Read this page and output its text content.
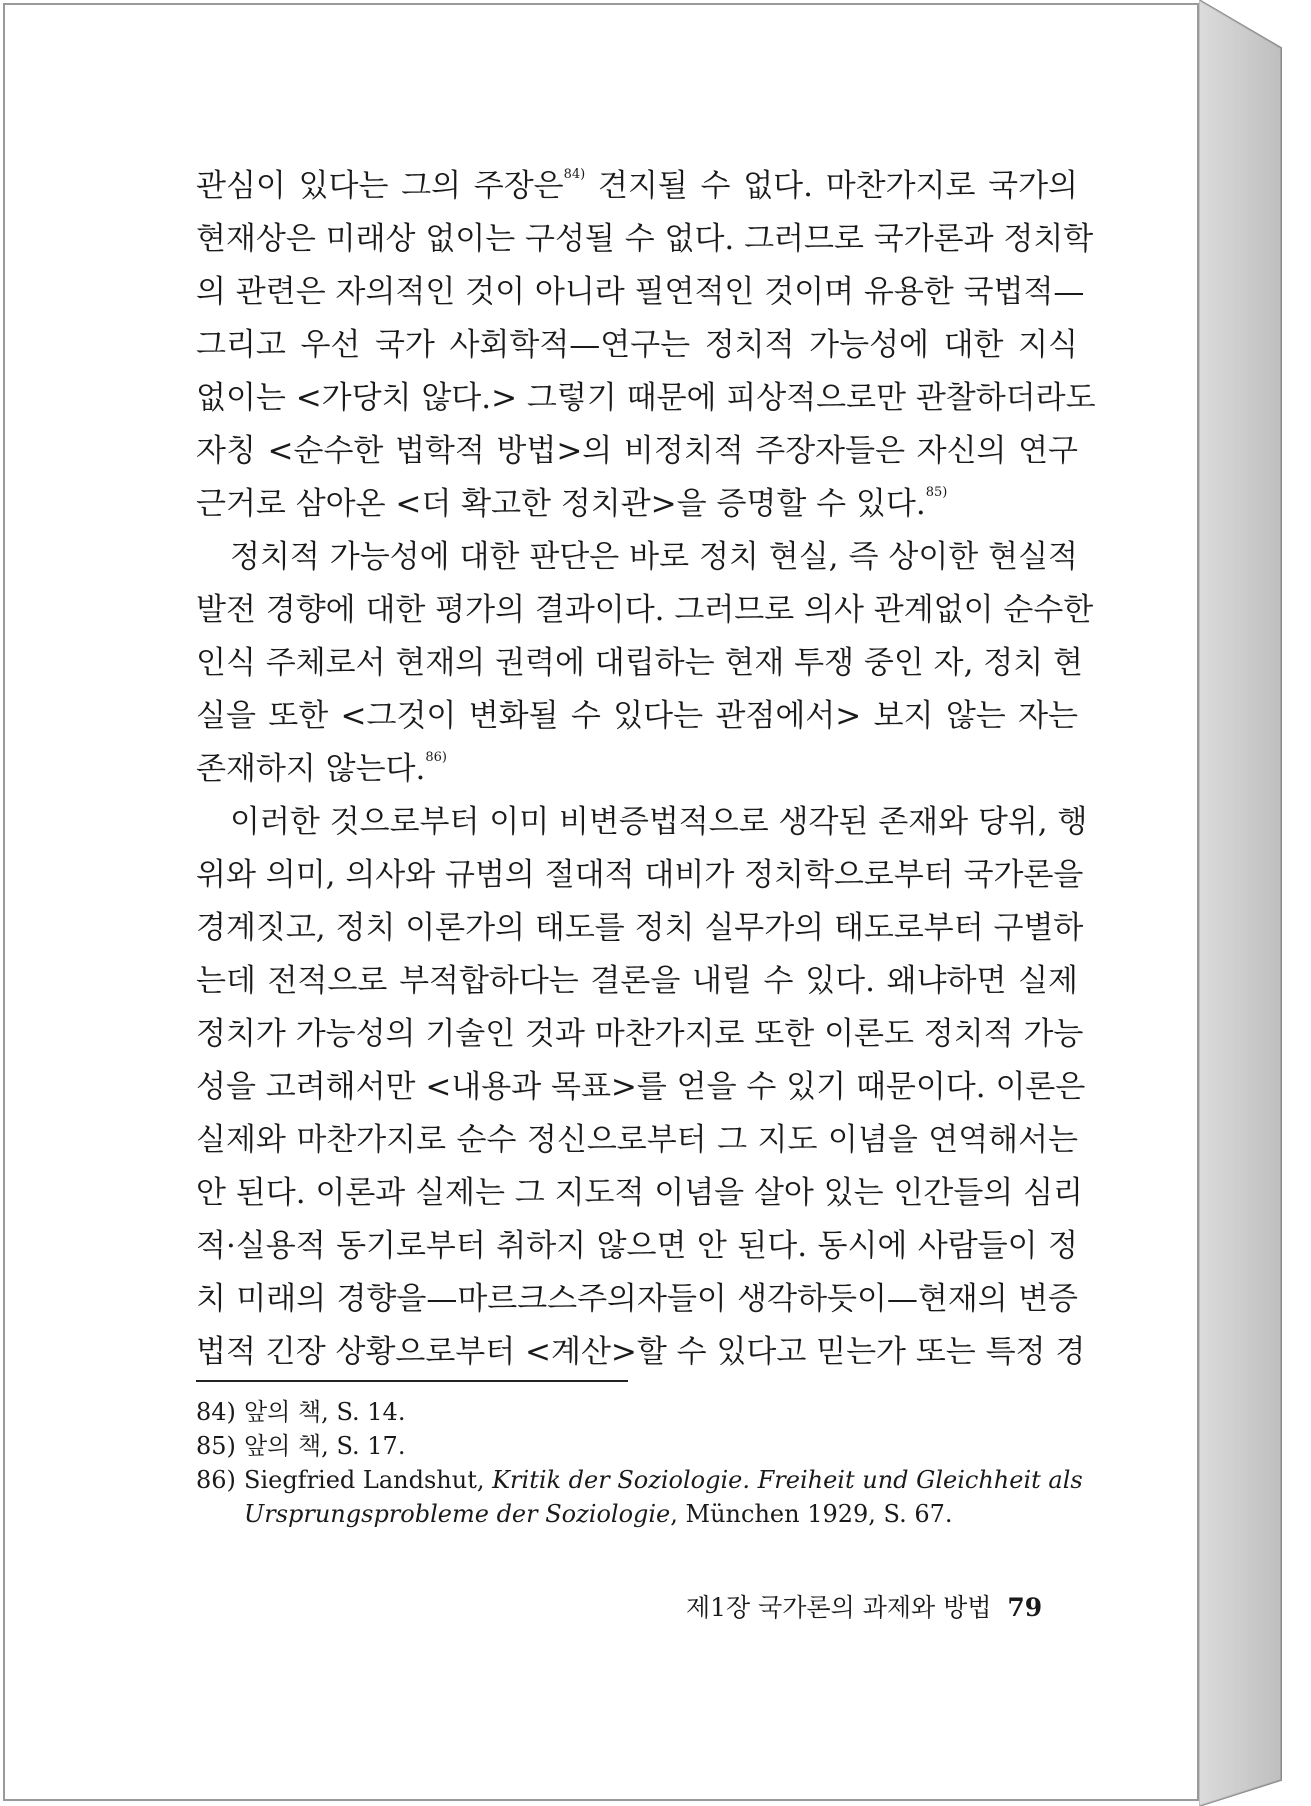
관심이 있다는 그의 주장은$^{84)}$ 견지될 수 없다. 마찬가지로 국가의
현재상은 미래상 없이는 구성될 수 없다. 그러므로 국가론과 정치학
의 관련은 자의적인 것이 아니라 필연적인 것이며 유용한 국법적—
그리고 우선 국가 사회학적—연구는 정치적 가능성에 대한 지식
없이는 <가당치 않다.> 그렇기 때문에 피상적으로만 관찰하더라도
자칭 <순수한 법학적 방법>의 비정치적 주장자들은 자신의 연구
근거로 삼아온 <더 확고한 정치관>을 증명할 수 있다.$^{85)}$
정치적 가능성에 대한 판단은 바로 정치 현실, 즉 상이한 현실적
발전 경향에 대한 평가의 결과이다. 그러므로 의사 관계없이 순수한
인식 주체로서 현재의 권력에 대립하는 현재 투쟁 중인 자, 정치 현
실을 또한 <그것이 변화될 수 있다는 관점에서> 보지 않는 자는
존재하지 않는다.$^{86)}$
이러한 것으로부터 이미 비변증법적으로 생각된 존재와 당위, 행
위와 의미, 의사와 규범의 절대적 대비가 정치학으로부터 국가론을
경계짓고, 정치 이론가의 태도를 정치 실무가의 태도로부터 구별하
는데 전적으로 부적합하다는 결론을 내릴 수 있다. 왜냐하면 실제
정치가 가능성의 기술인 것과 마찬가지로 또한 이론도 정치적 가능
성을 고려해서만 <내용과 목표>를 얻을 수 있기 때문이다. 이론은
실제와 마찬가지로 순수 정신으로부터 그 지도 이념을 연역해서는
안 된다. 이론과 실제는 그 지도적 이념을 살아 있는 인간들의 심리
적·실용적 동기로부터 취하지 않으면 안 된다. 동시에 사람들이 정
치 미래의 경향을—마르크스주의자들이 생각하듯이—현재의 변증
법적 긴장 상황으로부터 <계산>할 수 있다고 믿는가 또는 특정 경
84) 앞의 책, S. 14.
85) 앞의 책, S. 17.
86) Siegfried Landshut, Kritik der Soziologie. Freiheit und Gleichheit als
Ursprungsprobleme der Soziologie, München 1929, S. 67.
제1장 국가론의 과제와 방법 79
